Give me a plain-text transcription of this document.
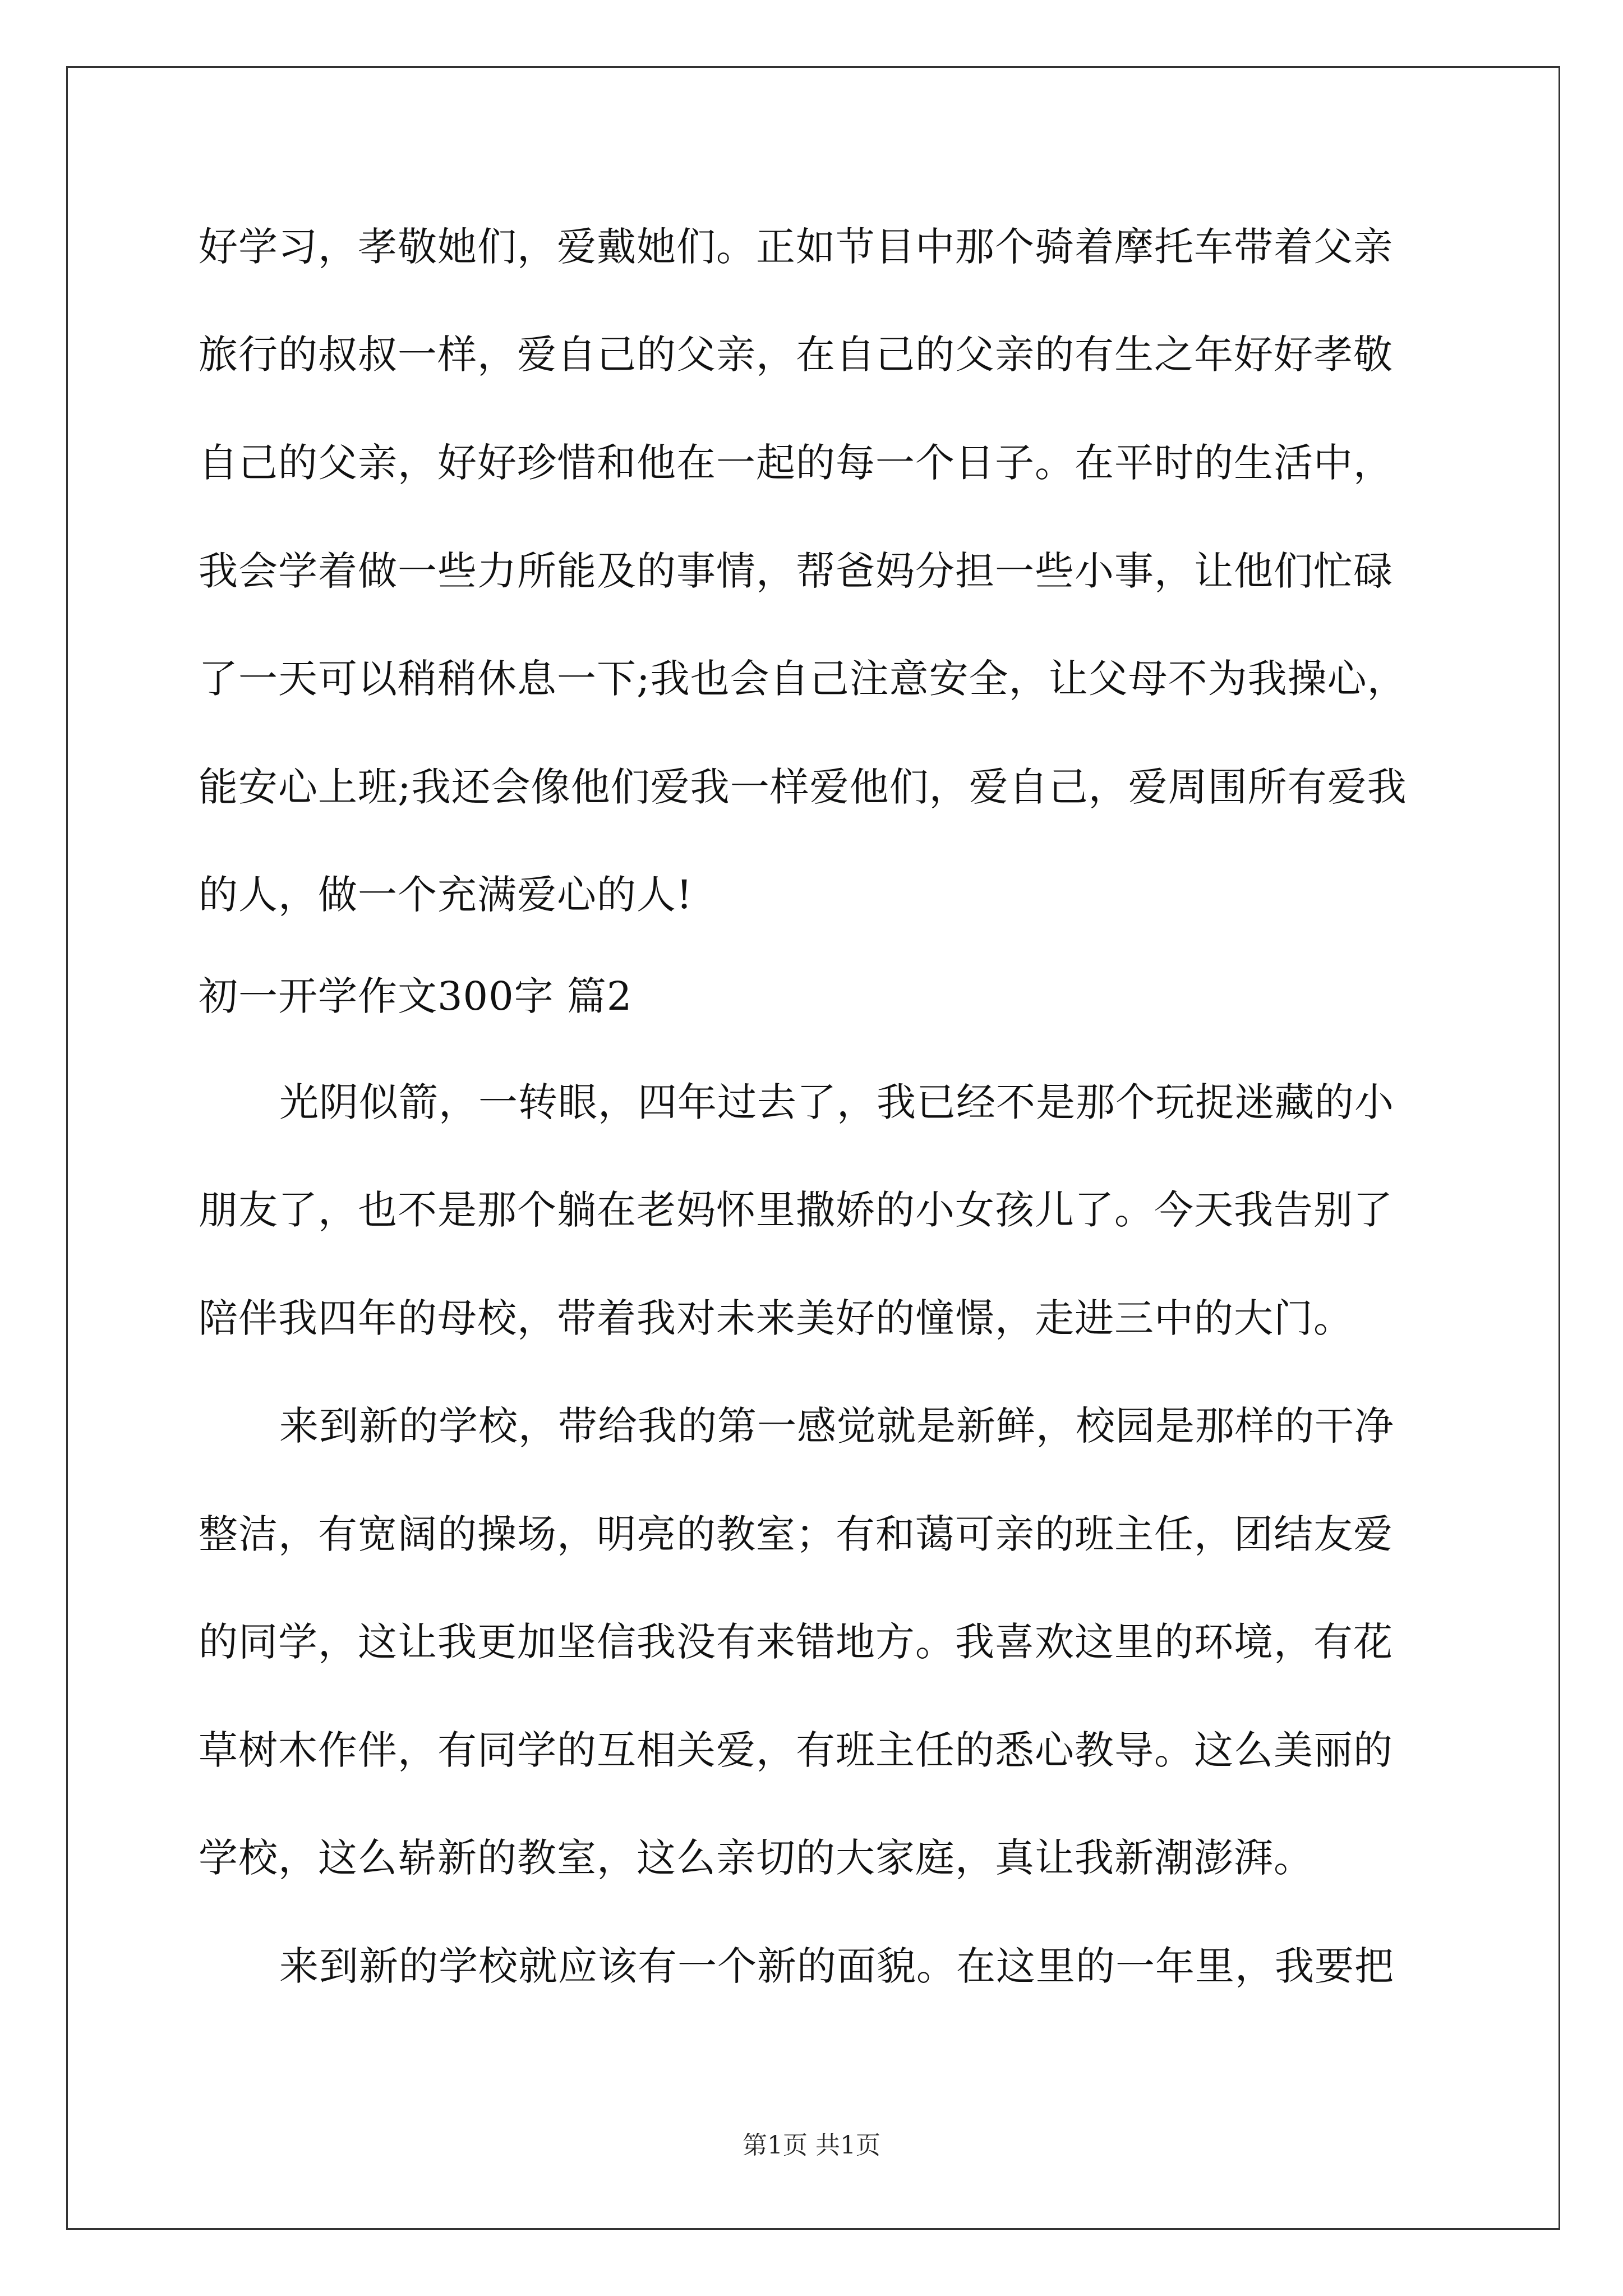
好学习，孝敬她们，爱戴她们。正如节目中那个骑着摩托车带着父亲
旅行的叔叔一样，爱自己的父亲，在自己的父亲的有生之年好好孝敬
自己的父亲，好好珍惜和他在一起的每一个日子。在平时的生活中，
我会学着做一些力所能及的事情，帮爸妈分担一些小事，让他们忙碌
了一天可以稍稍休息一下;我也会自己注意安全，让父母不为我操心，
能安心上班;我还会像他们爱我一样爱他们，爱自己，爱周围所有爱我
的人，做一个充满爱心的人!
初一开学作文300字 篇2
光阴似箭，一转眼，四年过去了，我已经不是那个玩捉迷藏的小
朋友了，也不是那个躺在老妈怀里撒娇的小女孩儿了。今天我告别了
陪伴我四年的母校，带着我对未来美好的憧憬，走进三中的大门。
来到新的学校，带给我的第一感觉就是新鲜，校园是那样的干净
整洁，有宽阔的操场，明亮的教室；有和蔼可亲的班主任，团结友爱
的同学，这让我更加坚信我没有来错地方。我喜欢这里的环境，有花
草树木作伴，有同学的互相关爱，有班主任的悉心教导。这么美丽的
学校，这么崭新的教室，这么亲切的大家庭，真让我新潮澎湃。
来到新的学校就应该有一个新的面貌。在这里的一年里，我要把
第1页 共1页
